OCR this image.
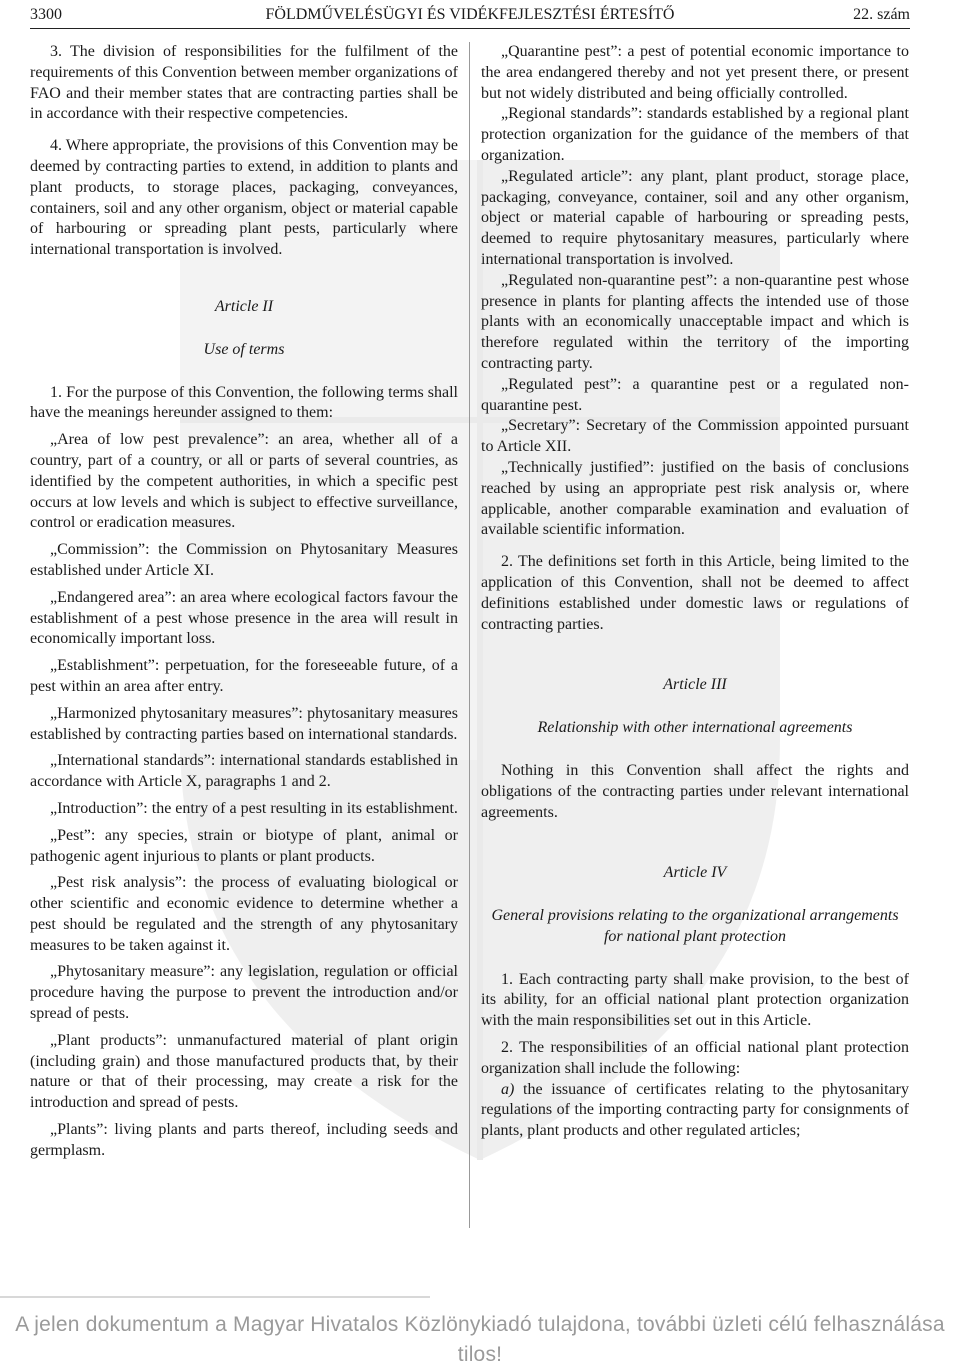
3300	FÖLDMŰVELÉSÜGYI ÉS VIDÉKFEJLESZTÉSI ÉRTESÍTŐ	22. szám

3. The division of responsibilities for the fulfilment of the requirements of this Convention between member organizations of FAO and their member states that are contracting parties shall be in accordance with their respective competencies.

4. Where appropriate, the provisions of this Convention may be deemed by contracting parties to extend, in addition to plants and plant products, to storage places, packaging, conveyances, containers, soil and any other organism, object or material capable of harbouring or spreading plant pests, particularly where international transportation is involved.

Article II

Use of terms

1. For the purpose of this Convention, the following terms shall have the meanings hereunder assigned to them:

„Area of low pest prevalence”: an area, whether all of a country, part of a country, or all or parts of several countries, as identified by the competent authorities, in which a specific pest occurs at low levels and which is subject to effective surveillance, control or eradication measures.

„Commission”: the Commission on Phytosanitary Measures established under Article XI.

„Endangered area”: an area where ecological factors favour the establishment of a pest whose presence in the area will result in economically important loss.

„Establishment”: perpetuation, for the foreseeable future, of a pest within an area after entry.

„Harmonized phytosanitary measures”: phytosanitary measures established by contracting parties based on international standards.

„International standards”: international standards established in accordance with Article X, paragraphs 1 and 2.

„Introduction”: the entry of a pest resulting in its establishment.

„Pest”: any species, strain or biotype of plant, animal or pathogenic agent injurious to plants or plant products.

„Pest risk analysis”: the process of evaluating biological or other scientific and economic evidence to determine whether a pest should be regulated and the strength of any phytosanitary measures to be taken against it.

„Phytosanitary measure”: any legislation, regulation or official procedure having the purpose to prevent the introduction and/or spread of pests.

„Plant products”: unmanufactured material of plant origin (including grain) and those manufactured products that, by their nature or that of their processing, may create a risk for the introduction and spread of pests.

„Plants”: living plants and parts thereof, including seeds and germplasm.

„Quarantine pest”: a pest of potential economic importance to the area endangered thereby and not yet present there, or present but not widely distributed and being officially controlled.

„Regional standards”: standards established by a regional plant protection organization for the guidance of the members of that organization.

„Regulated article”: any plant, plant product, storage place, packaging, conveyance, container, soil and any other organism, object or material capable of harbouring or spreading pests, deemed to require phytosanitary measures, particularly where international transportation is involved.

„Regulated non-quarantine pest”: a non-quarantine pest whose presence in plants for planting affects the intended use of those plants with an economically unacceptable impact and which is therefore regulated within the territory of the importing contracting party.

„Regulated pest”: a quarantine pest or a regulated non-quarantine pest.

„Secretary”: Secretary of the Commission appointed pursuant to Article XII.

„Technically justified”: justified on the basis of conclusions reached by using an appropriate pest risk analysis or, where applicable, another comparable examination and evaluation of available scientific information.

2. The definitions set forth in this Article, being limited to the application of this Convention, shall not be deemed to affect definitions established under domestic laws or regulations of contracting parties.

Article III

Relationship with other international agreements

Nothing in this Convention shall affect the rights and obligations of the contracting parties under relevant international agreements.

Article IV

General provisions relating to the organizational arrangements for national plant protection

1. Each contracting party shall make provision, to the best of its ability, for an official national plant protection organization with the main responsibilities set out in this Article.

2. The responsibilities of an official national plant protection organization shall include the following:

a) the issuance of certificates relating to the phytosanitary regulations of the importing contracting party for consignments of plants, plant products and other regulated articles;

A jelen dokumentum a Magyar Hivatalos Közlönykiadó tulajdona, további üzleti célú felhasználása tilos!
